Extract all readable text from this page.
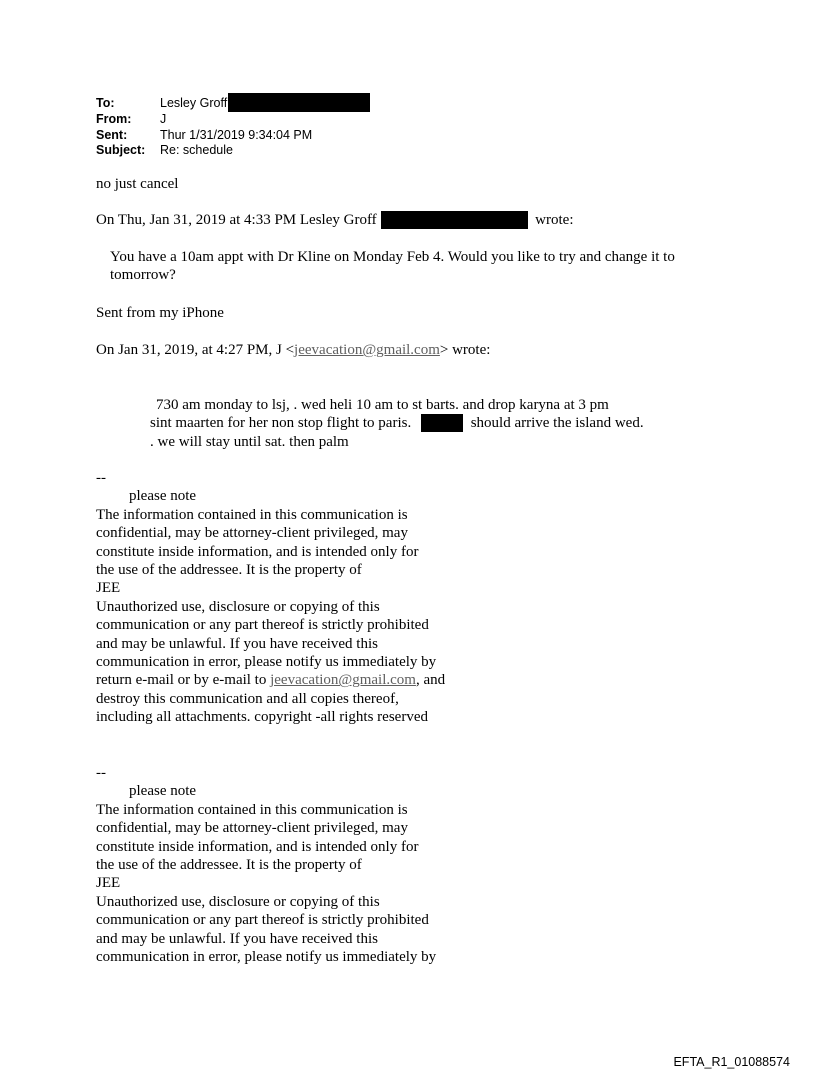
To:	Lesley Groff
From:	J
Sent:	Thur 1/31/2019 9:34:04 PM
Subject:	Re: schedule
no just cancel
On Thu, Jan 31, 2019 at 4:33 PM Lesley Groff	wrote:
You have a 10am appt with Dr Kline on Monday Feb 4. Would you like to try and change it to
tomorrow?
Sent from my iPhone
On Jan 31, 2019, at 4:27 PM, J <jeevacation@gmail.com> wrote:
730 am monday to lsj, . wed heli 10 am to st barts. and drop karyna at 3 pm
sint maarten for her non stop flight to paris.	should arrive the island wed.
. we will stay until sat. then palm
--
please note
The information contained in this communication is
confidential, may be attorney-client privileged, may
constitute inside information, and is intended only for
the use of the addressee. It is the property of
JEE
Unauthorized use, disclosure or copying of this
communication or any part thereof is strictly prohibited
and may be unlawful. If you have received this
communication in error, please notify us immediately by
return e-mail or by e-mail to jeevacation@gmail.com, and
destroy this communication and all copies thereof,
including all attachments. copyright -all rights reserved
--
please note
The information contained in this communication is
confidential, may be attorney-client privileged, may
constitute inside information, and is intended only for
the use of the addressee. It is the property of
JEE
Unauthorized use, disclosure or copying of this
communication or any part thereof is strictly prohibited
and may be unlawful. If you have received this
communication in error, please notify us immediately by
EFTA_R1_01088574
